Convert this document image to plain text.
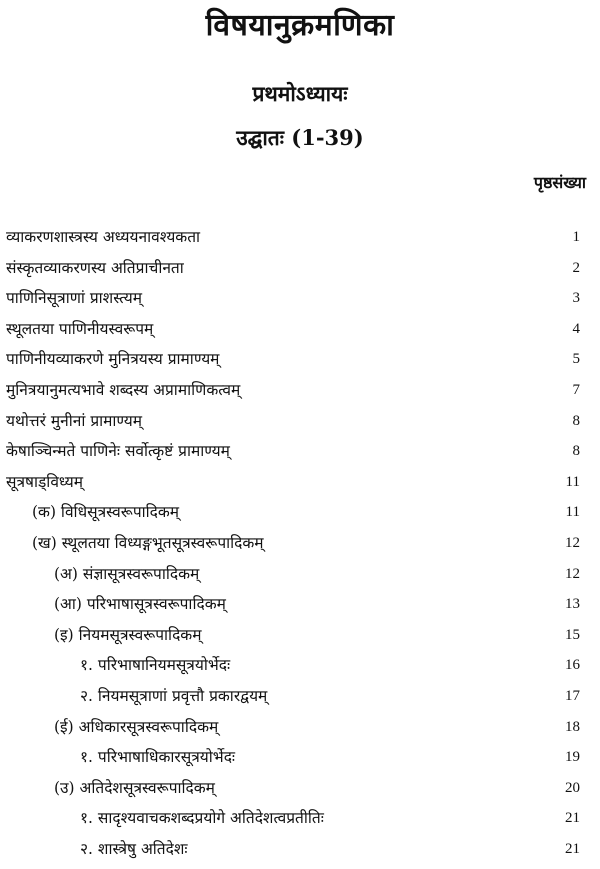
विषयानुक्रमणिका
प्रथमोऽध्यायः
उद्घातः (1-39)
पृष्ठसंख्या
व्याकरणशास्त्रस्य अध्ययनावश्यकता	1
संस्कृतव्याकरणस्य अतिप्राचीनता	2
पाणिनिसूत्राणां प्राशस्त्यम्	3
स्थूलतया पाणिनीयस्वरूपम्	4
पाणिनीयव्याकरणे मुनित्रयस्य प्रामाण्यम्	5
मुनित्रयानुमत्यभावे शब्दस्य अप्रामाणिकत्वम्	7
यथोत्तरं मुनीनां प्रामाण्यम्	8
केषाञ्चिन्मते पाणिनेः सर्वोत्कृष्टं प्रामाण्यम्	8
सूत्रषाड्विध्यम्	11
(क) विधिसूत्रस्वरूपादिकम्	11
(ख) स्थूलतया विध्यङ्गभूतसूत्रस्वरूपादिकम्	12
(अ) संज्ञासूत्रस्वरूपादिकम्	12
(आ) परिभाषासूत्रस्वरूपादिकम्	13
(इ) नियमसूत्रस्वरूपादिकम्	15
१. परिभाषानियमसूत्रयोर्भेदः	16
२. नियमसूत्राणां प्रवृत्तौ प्रकारद्वयम्	17
(ई) अधिकारसूत्रस्वरूपादिकम्	18
१. परिभाषाधिकारसूत्रयोर्भेदः	19
(उ) अतिदेशसूत्रस्वरूपादिकम्	20
१. सादृश्यवाचकशब्दप्रयोगे अतिदेशत्वप्रतीतिः	21
२. शास्त्रेषु अतिदेशः	21
